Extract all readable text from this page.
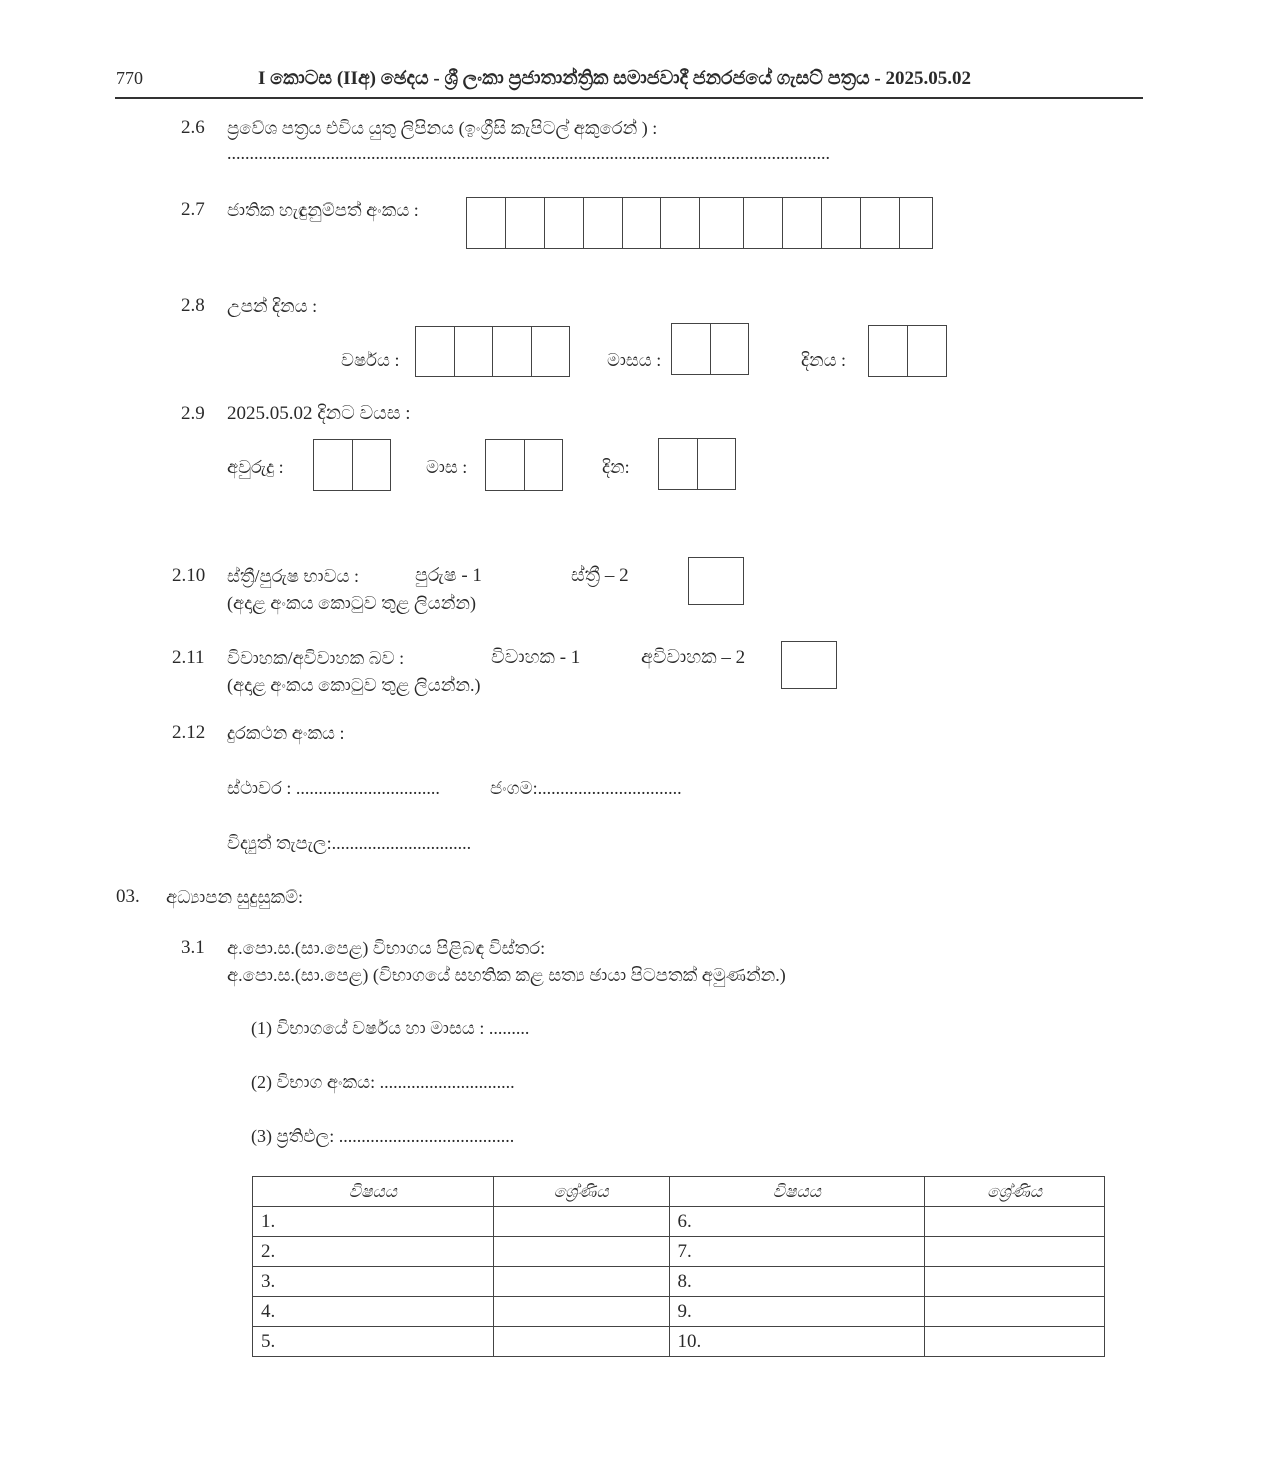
770	I කොටස (IIඅ) ඡෙදය - ශ්‍රී ලංකා ප්‍රජාතාන්ත්‍රික සමාජවාදී ජනරජයේ ගැසට් පත්‍රය - 2025.05.02
2.6 ප්‍රවේශ පත්‍රය එවිය යුතු ලිපිනය (ඉංග්‍රීසි කැපිටල් අකුරෙන් ) :
......................................................................................................................................
2.7 ජාතික හැඳුනුම්පත් අංකය :
2.8 උපන් දිනය :
වර්ෂය :	මාසය :	දිනය :
2.9 2025.05.02 දිනට වයස :
අවුරුදු :	මාස :	දින:
2.10 ස්ත්‍රී/පුරුෂ භාවය :	පුරුෂ - 1	ස්ත්‍රී – 2
(අදාළ අංකය කොටුව තුළ ලියන්න)
2.11 විවාහක/අවිවාහක බව :	විවාහක - 1	අවිවාහක – 2
(අදාළ අංකය කොටුව තුළ ලියන්න.)
2.12 දුරකථන අංකය :
ස්ථාවර : ................................	ජංගම:................................
විද්‍යුත් තැපැල:...............................
03. අධ්‍යාපන සුදුසුකම්:
3.1 අ.පො.ස.(සා.පෙළ) විභාගය පිළිබඳ විස්තර:
අ.පො.ස.(සා.පෙළ) (විභාගයේ සහතික කළ සත්‍ය ඡායා පිටපතක් අමුණන්න.)
(1) විභාගයේ වර්ෂය හා මාසය : .........
(2) විභාග අංකය: ..............................
(3) ප්‍රතිඵල: .......................................
විෂයය	ශ්‍රේණිය	විෂයය	ශ්‍රේණිය
1.		6.	
2.		7.	
3.		8.	
4.		9.	
5.		10.	
